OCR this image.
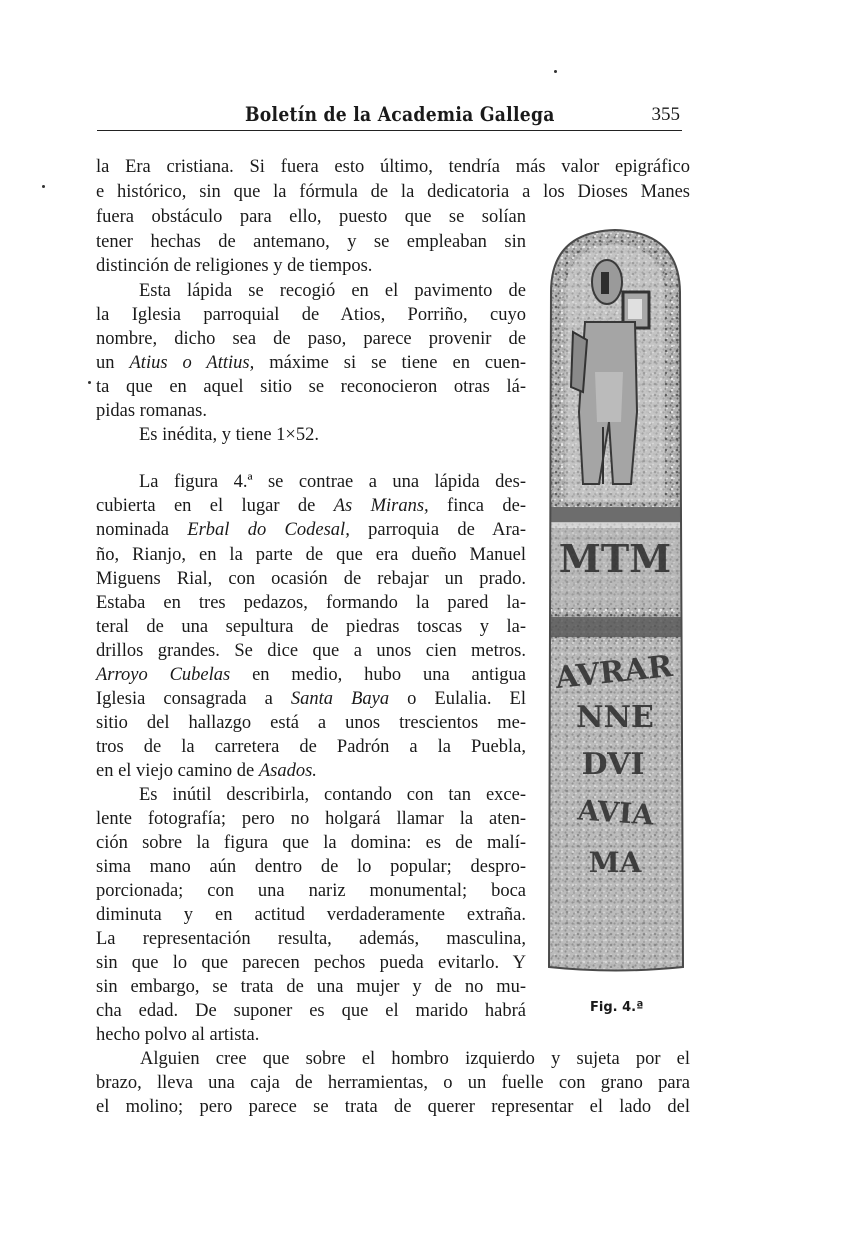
Boletín de la Academia Gallega	355
la Era cristiana. Si fuera esto último, tendría más valor epigráfico
e histórico, sin que la fórmula de la dedicatoria a los Dioses Manes
fuera obstáculo para ello, puesto que se solían
tener hechas de antemano, y se empleaban sin
distinción de religiones y de tiempos.
Esta lápida se recogió en el pavimento de
la Iglesia parroquial de Atios, Porriño, cuyo
nombre, dicho sea de paso, parece provenir de
un Atius o Attius, máxime si se tiene en cuen-
ta que en aquel sitio se reconocieron otras lá-
pidas romanas.
Es inédita, y tiene 1×52.
La figura 4.ª se contrae a una lápida des-
cubierta en el lugar de As Mirans, finca de-
nominada Erbal do Codesal, parroquia de Ara-
ño, Rianjo, en la parte de que era dueño Manuel
Miguens Rial, con ocasión de rebajar un prado.
Estaba en tres pedazos, formando la pared la-
teral de una sepultura de piedras toscas y la-
drillos grandes. Se dice que a unos cien metros.
Arroyo Cubelas en medio, hubo una antigua
Iglesia consagrada a Santa Baya o Eulalia. El
sitio del hallazgo está a unos trescientos me-
tros de la carretera de Padrón a la Puebla,
en el viejo camino de Asados.
Es inútil describirla, contando con tan exce-
lente fotografía; pero no holgará llamar la aten-
ción sobre la figura que la domina: es de malí-
sima mano aún dentro de lo popular; despro-
porcionada; con una nariz monumental; boca
diminuta y en actitud verdaderamente extraña.
La representación resulta, además, masculina,
sin que lo que parecen pechos pueda evitarlo. Y
sin embargo, se trata de una mujer y de no mu-
cha edad. De suponer es que el marido habrá
hecho polvo al artista.
Alguien cree que sobre el hombro izquierdo y sujeta por el
brazo, lleva una caja de herramientas, o un fuelle con grano para
el molino; pero parece se trata de querer representar el lado del
MTM
AVRAR
NNE
DVI
AVIA
MA
Fig. 4.ª
